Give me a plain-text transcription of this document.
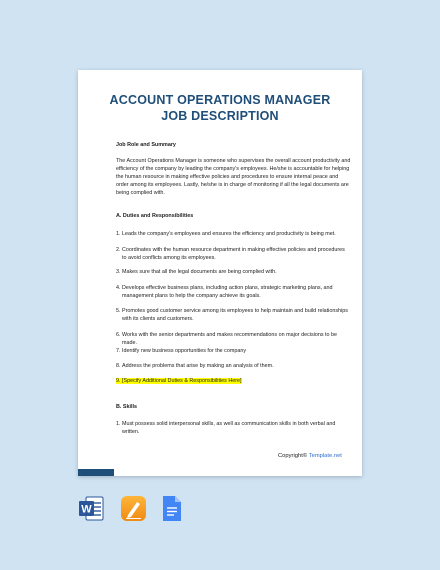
ACCOUNT OPERATIONS MANAGER
JOB DESCRIPTION
Job Role and Summary
The Account Operations Manager is someone who supervises the overall account productivity and efficiency of the company by leading the company’s employees. He/she is accountable for helping the human resource in making effective policies and procedures to ensure internal peace and order among its employees. Lastly, he/she is in charge of monitoring if all the legal documents are being complied with.
A. Duties and Responsibilities
1. Leads the company’s employees and ensures the efficiency and productivity is being met.
2. Coordinates with the human resource department in making effective policies and procedures to avoid conflicts among its employees.
3. Makes sure that all the legal documents are being complied with.
4. Develops effective business plans, including action plans, strategic marketing plans, and management plans to help the company achieve its goals.
5. Promotes good customer service among its employees to help maintain and build relationships with its clients and customers.
6. Works with the senior departments and makes recommendations on major decisions to be made.
7. Identify new business opportunities for the company
8. Address the problems that arise by making an analysis of them.
9. [Specify Additional Duties & Responsibilities Here]
B. Skills
1. Must possess solid interpersonal skills, as well as communication skills in both verbal and written.
Copyright© Template.net
W
